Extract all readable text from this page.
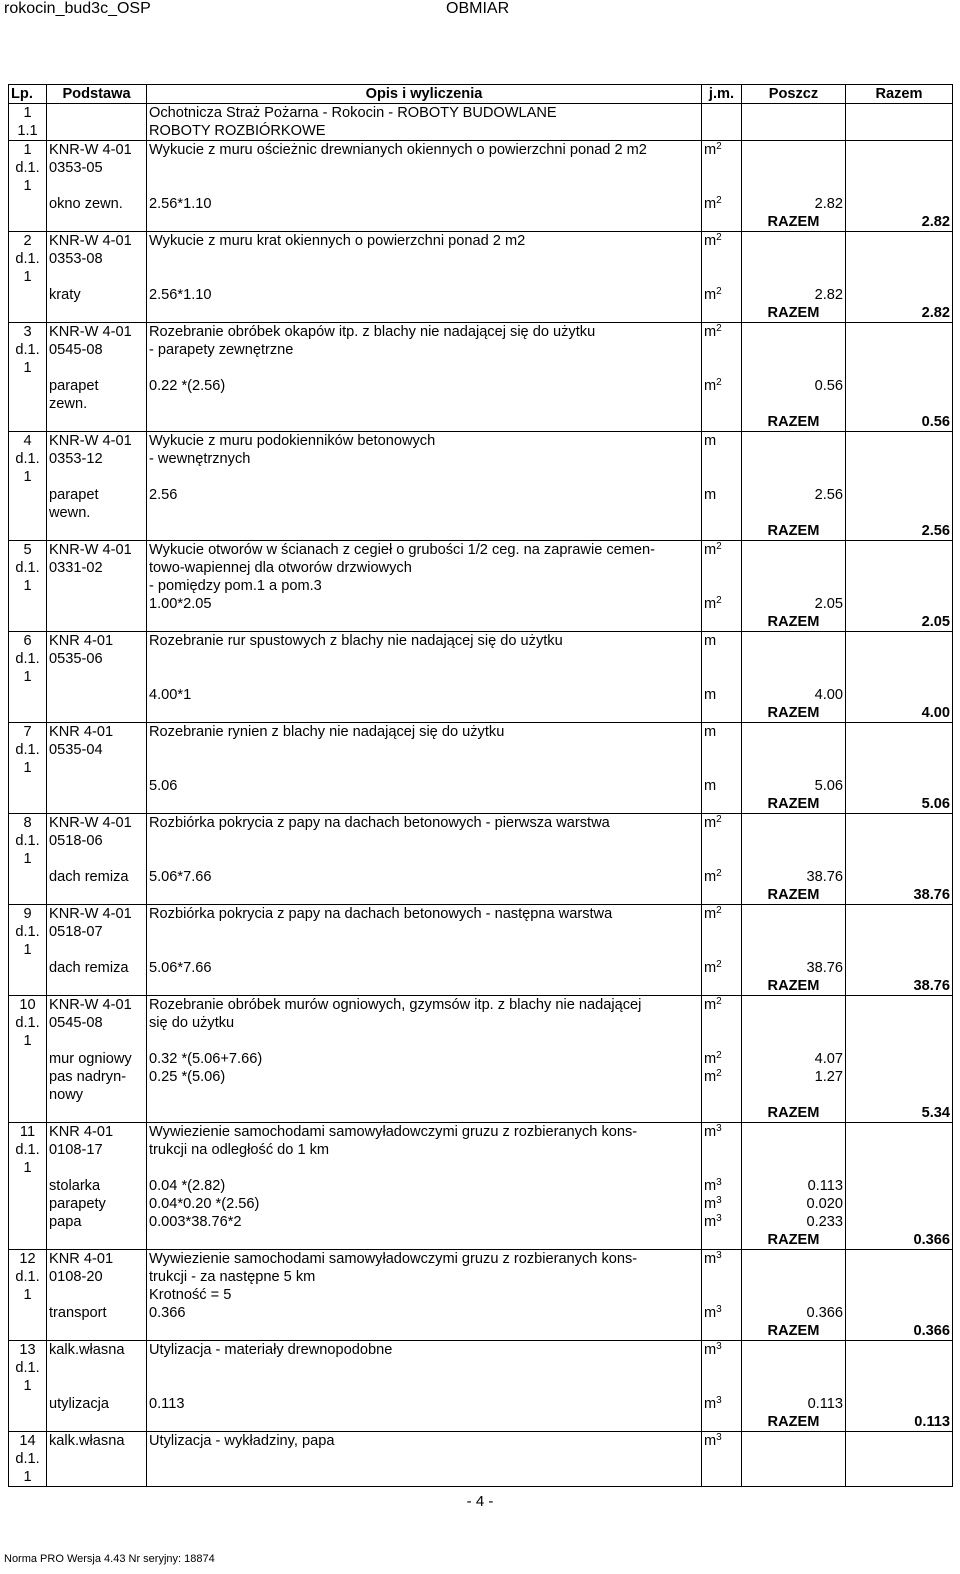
rokocin_bud3c_OSP	OBMIAR
Lp.	Podstawa	Opis i wyliczenia	j.m.	Poszcz	Razem
1		Ochotnicza Straż Pożarna - Rokocin - ROBOTY BUDOWLANE			
1.1		ROBOTY ROZBIÓRKOWE			
1	KNR-W 4-01	Wykucie z muru ościeżnic drewnianych okiennych o powierzchni ponad 2 m2	$m^2$		
d.1.	0353-05				
1					
	okno zewn.	2.56*1.10	$m^2$	2.82	
				RAZEM	2.82
2	KNR-W 4-01	Wykucie z muru krat okiennych o powierzchni ponad 2 m2	$m^2$		
d.1.	0353-08				
1					
	kraty	2.56*1.10	$m^2$	2.82	
				RAZEM	2.82
3	KNR-W 4-01	Rozebranie obróbek okapów itp. z blachy nie nadającej się do użytku	$m^2$		
d.1.	0545-08	- parapety zewnętrzne			
1					
	parapet	0.22 *(2.56)	$m^2$	0.56	
	zewn.				
				RAZEM	0.56
4	KNR-W 4-01	Wykucie z muru podokienników betonowych	m		
d.1.	0353-12	- wewnętrznych			
1					
	parapet	2.56	m	2.56	
	wewn.				
				RAZEM	2.56
5	KNR-W 4-01	Wykucie otworów w ścianach z cegieł o grubości 1/2 ceg. na zaprawie cemen-	$m^2$		
d.1.	0331-02	towo-wapiennej dla otworów drzwiowych			
1		- pomiędzy pom.1 a pom.3			
		1.00*2.05	$m^2$	2.05	
				RAZEM	2.05
6	KNR 4-01	Rozebranie rur spustowych z blachy nie nadającej się do użytku	m		
d.1.	0535-06				
1					
		4.00*1	m	4.00	
				RAZEM	4.00
7	KNR 4-01	Rozebranie rynien z blachy nie nadającej się do użytku	m		
d.1.	0535-04				
1					
		5.06	m	5.06	
				RAZEM	5.06
8	KNR-W 4-01	Rozbiórka pokrycia z papy na dachach betonowych - pierwsza warstwa	$m^2$		
d.1.	0518-06				
1					
	dach remiza	5.06*7.66	$m^2$	38.76	
				RAZEM	38.76
9	KNR-W 4-01	Rozbiórka pokrycia z papy na dachach betonowych - następna warstwa	$m^2$		
d.1.	0518-07				
1					
	dach remiza	5.06*7.66	$m^2$	38.76	
				RAZEM	38.76
10	KNR-W 4-01	Rozebranie obróbek murów ogniowych, gzymsów itp. z blachy nie nadającej	$m^2$		
d.1.	0545-08	się do użytku			
1					
	mur ogniowy	0.32 *(5.06+7.66)	$m^2$	4.07	
	pas nadryn-	0.25 *(5.06)	$m^2$	1.27	
	nowy				
				RAZEM	5.34
11	KNR 4-01	Wywiezienie samochodami samowyładowczymi gruzu z rozbieranych kons-	$m^3$		
d.1.	0108-17	trukcji na odległość do 1 km			
1					
	stolarka	0.04 *(2.82)	$m^3$	0.113	
	parapety	0.04*0.20 *(2.56)	$m^3$	0.020	
	papa	0.003*38.76*2	$m^3$	0.233	
				RAZEM	0.366
12	KNR 4-01	Wywiezienie samochodami samowyładowczymi gruzu z rozbieranych kons-	$m^3$		
d.1.	0108-20	trukcji - za następne 5 km			
1		Krotność = 5			
	transport	0.366	$m^3$	0.366	
				RAZEM	0.366
13	kalk.własna	Utylizacja - materiały drewnopodobne	$m^3$		
d.1.					
1					
	utylizacja	0.113	$m^3$	0.113	
				RAZEM	0.113
14	kalk.własna	Utylizacja - wykładziny, papa	$m^3$		
d.1.					
1					
- 4 -
Norma PRO Wersja 4.43 Nr seryjny: 18874
